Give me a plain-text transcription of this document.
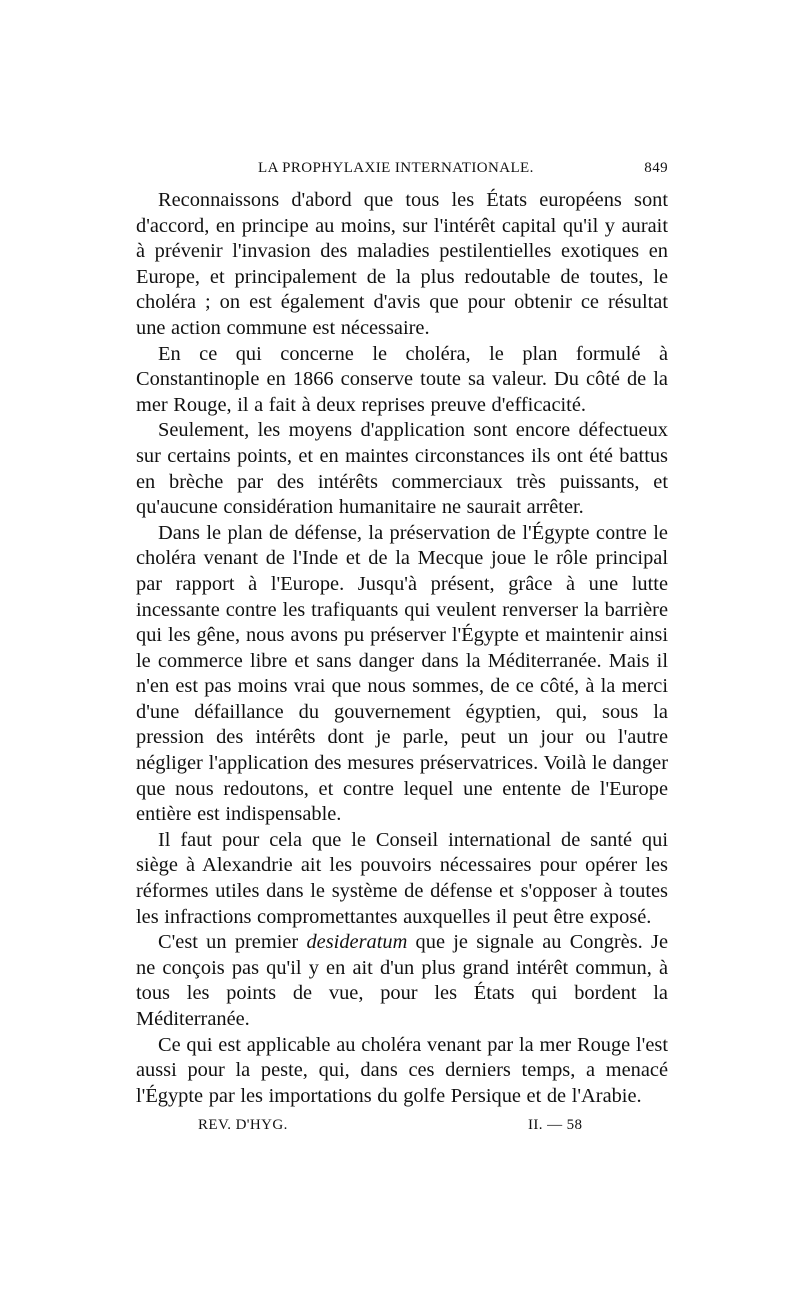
LA PROPHYLAXIE INTERNATIONALE.	849

Reconnaissons d'abord que tous les États européens sont d'accord, en principe au moins, sur l'intérêt capital qu'il y aurait à prévenir l'invasion des maladies pestilentielles exotiques en Europe, et principalement de la plus redoutable de toutes, le choléra ; on est également d'avis que pour obtenir ce résultat une action commune est nécessaire.

En ce qui concerne le choléra, le plan formulé à Constantinople en 1866 conserve toute sa valeur. Du côté de la mer Rouge, il a fait à deux reprises preuve d'efficacité.

Seulement, les moyens d'application sont encore défectueux sur certains points, et en maintes circonstances ils ont été battus en brèche par des intérêts commerciaux très puissants, et qu'aucune considération humanitaire ne saurait arrêter.

Dans le plan de défense, la préservation de l'Égypte contre le choléra venant de l'Inde et de la Mecque joue le rôle principal par rapport à l'Europe. Jusqu'à présent, grâce à une lutte incessante contre les trafiquants qui veulent renverser la barrière qui les gêne, nous avons pu préserver l'Égypte et maintenir ainsi le commerce libre et sans danger dans la Méditerranée. Mais il n'en est pas moins vrai que nous sommes, de ce côté, à la merci d'une défaillance du gouvernement égyptien, qui, sous la pression des intérêts dont je parle, peut un jour ou l'autre négliger l'application des mesures préservatrices. Voilà le danger que nous redoutons, et contre lequel une entente de l'Europe entière est indispensable.

Il faut pour cela que le Conseil international de santé qui siège à Alexandrie ait les pouvoirs nécessaires pour opérer les réformes utiles dans le système de défense et s'opposer à toutes les infractions compromettantes auxquelles il peut être exposé.

C'est un premier desideratum que je signale au Congrès. Je ne conçois pas qu'il y en ait d'un plus grand intérêt commun, à tous les points de vue, pour les États qui bordent la Méditerranée.

Ce qui est applicable au choléra venant par la mer Rouge l'est aussi pour la peste, qui, dans ces derniers temps, a menacé l'Égypte par les importations du golfe Persique et de l'Arabie.

REV. D'HYG.	II. — 58
